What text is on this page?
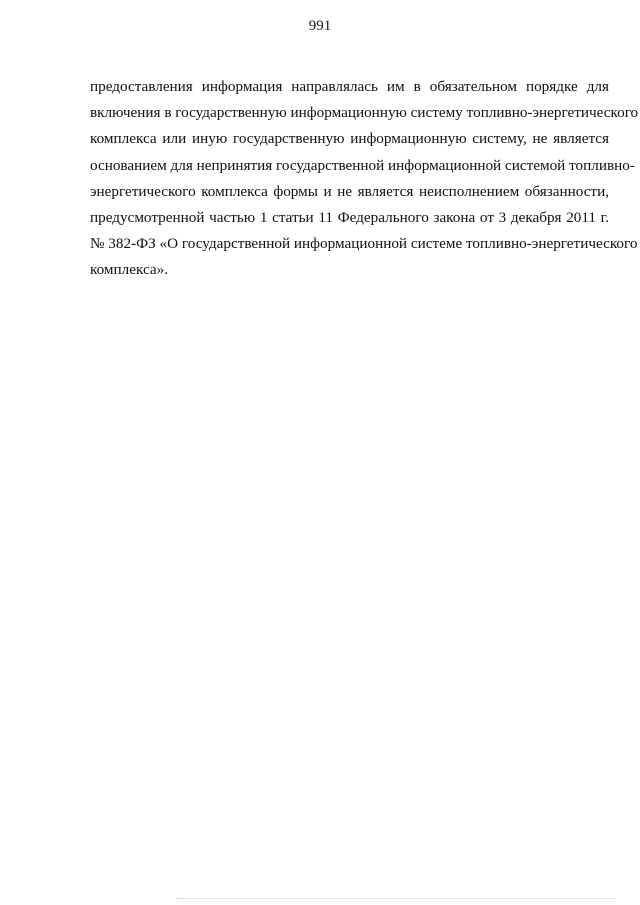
991
предоставления информация направлялась им в обязательном порядке для
включения в государственную информационную систему топливно-энергетического
комплекса или иную государственную информационную систему, не является
основанием для непринятия государственной информационной системой топливно-
энергетического комплекса формы и не является неисполнением обязанности,
предусмотренной частью 1 статьи 11 Федерального закона от 3 декабря 2011 г.
№ 382-ФЗ «О государственной информационной системе топливно-энергетического
комплекса».
